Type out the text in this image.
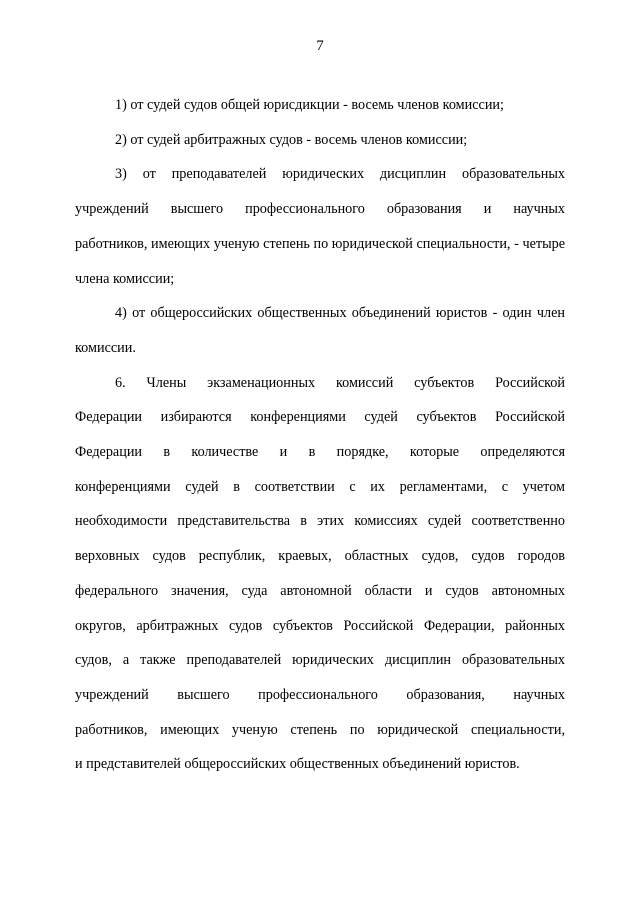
7

1) от судей судов общей юрисдикции - восемь членов комиссии;

2) от судей арбитражных судов - восемь членов комиссии;

3) от преподавателей юридических дисциплин образовательных
учреждений высшего профессионального образования и научных
работников, имеющих ученую степень по юридической специальности, - четыре
члена комиссии;

4) от общероссийских общественных объединений юристов - один член
комиссии.

6. Члены экзаменационных комиссий субъектов Российской
Федерации избираются конференциями судей субъектов Российской
Федерации в количестве и в порядке, которые определяются
конференциями судей в соответствии с их регламентами, с учетом
необходимости представительства в этих комиссиях судей соответственно
верховных судов республик, краевых, областных судов, судов городов
федерального значения, суда автономной области и судов автономных
округов, арбитражных судов субъектов Российской Федерации, районных
судов, а также преподавателей юридических дисциплин образовательных
учреждений высшего профессионального образования, научных
работников, имеющих ученую степень по юридической специальности,
и представителей общероссийских общественных объединений юристов.
